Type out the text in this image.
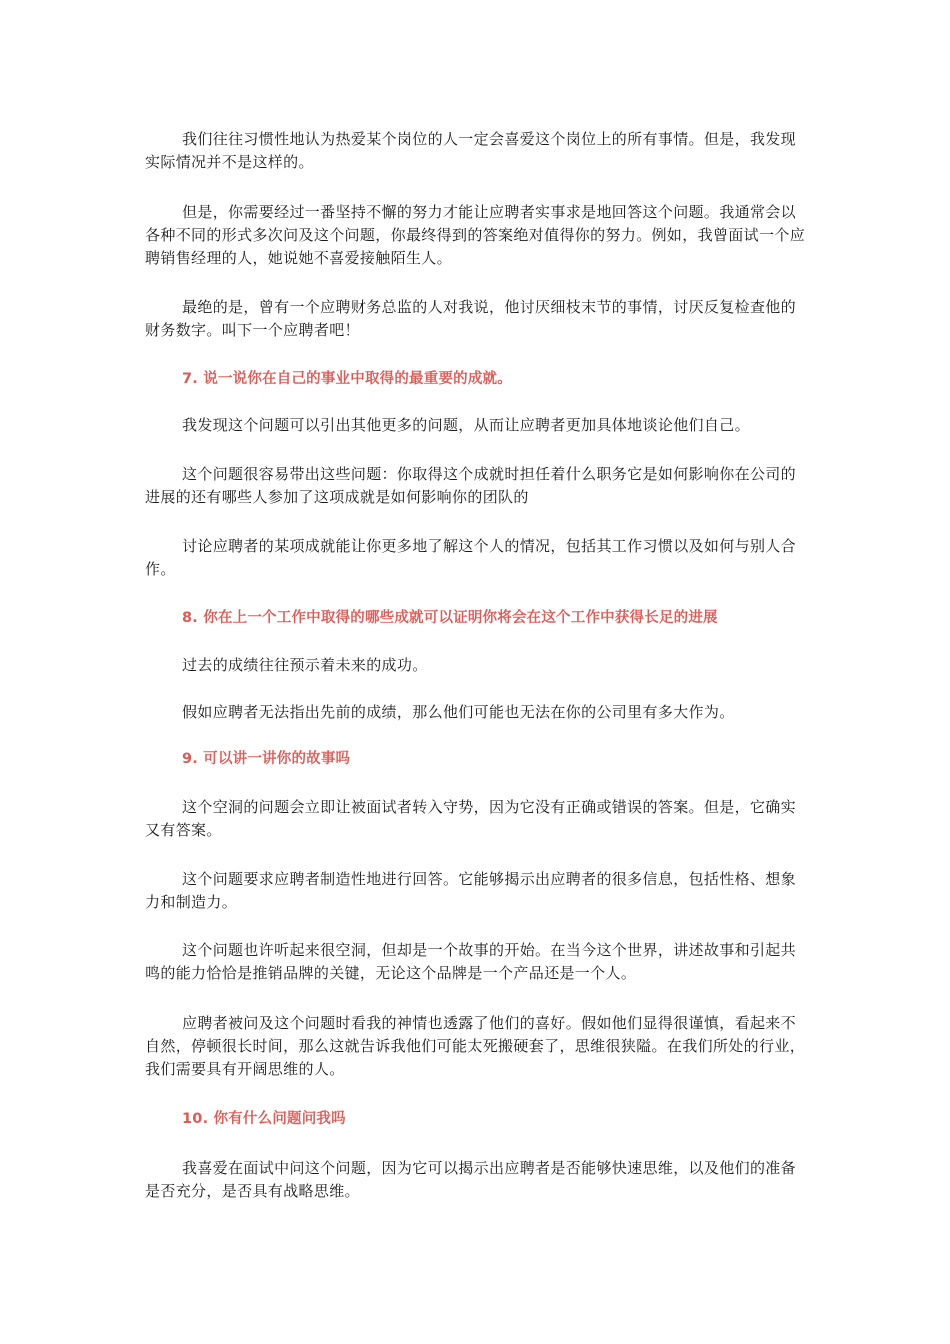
我们往往习惯性地认为热爱某个岗位的人一定会喜爱这个岗位上的所有事情。但是，我发现实际情况并不是这样的。

但是，你需要经过一番坚持不懈的努力才能让应聘者实事求是地回答这个问题。我通常会以各种不同的形式多次问及这个问题，你最终得到的答案绝对值得你的努力。例如，我曾面试一个应聘销售经理的人，她说她不喜爱接触陌生人。

最绝的是，曾有一个应聘财务总监的人对我说，他讨厌细枝末节的事情，讨厌反复检查他的财务数字。叫下一个应聘者吧！

7. 说一说你在自己的事业中取得的最重要的成就。

我发现这个问题可以引出其他更多的问题，从而让应聘者更加具体地谈论他们自己。

这个问题很容易带出这些问题：你取得这个成就时担任着什么职务它是如何影响你在公司的进展的还有哪些人参加了这项成就是如何影响你的团队的

讨论应聘者的某项成就能让你更多地了解这个人的情况，包括其工作习惯以及如何与别人合作。

8. 你在上一个工作中取得的哪些成就可以证明你将会在这个工作中获得长足的进展

过去的成绩往往预示着未来的成功。

假如应聘者无法指出先前的成绩，那么他们可能也无法在你的公司里有多大作为。

9. 可以讲一讲你的故事吗

这个空洞的问题会立即让被面试者转入守势，因为它没有正确或错误的答案。但是，它确实又有答案。

这个问题要求应聘者制造性地进行回答。它能够揭示出应聘者的很多信息，包括性格、想象力和制造力。

这个问题也许听起来很空洞，但却是一个故事的开始。在当今这个世界，讲述故事和引起共鸣的能力恰恰是推销品牌的关键，无论这个品牌是一个产品还是一个人。

应聘者被问及这个问题时看我的神情也透露了他们的喜好。假如他们显得很谨慎，看起来不自然，停顿很长时间，那么这就告诉我他们可能太死搬硬套了，思维很狭隘。在我们所处的行业，我们需要具有开阔思维的人。

10. 你有什么问题问我吗

我喜爱在面试中问这个问题，因为它可以揭示出应聘者是否能够快速思维，以及他们的准备是否充分，是否具有战略思维。
